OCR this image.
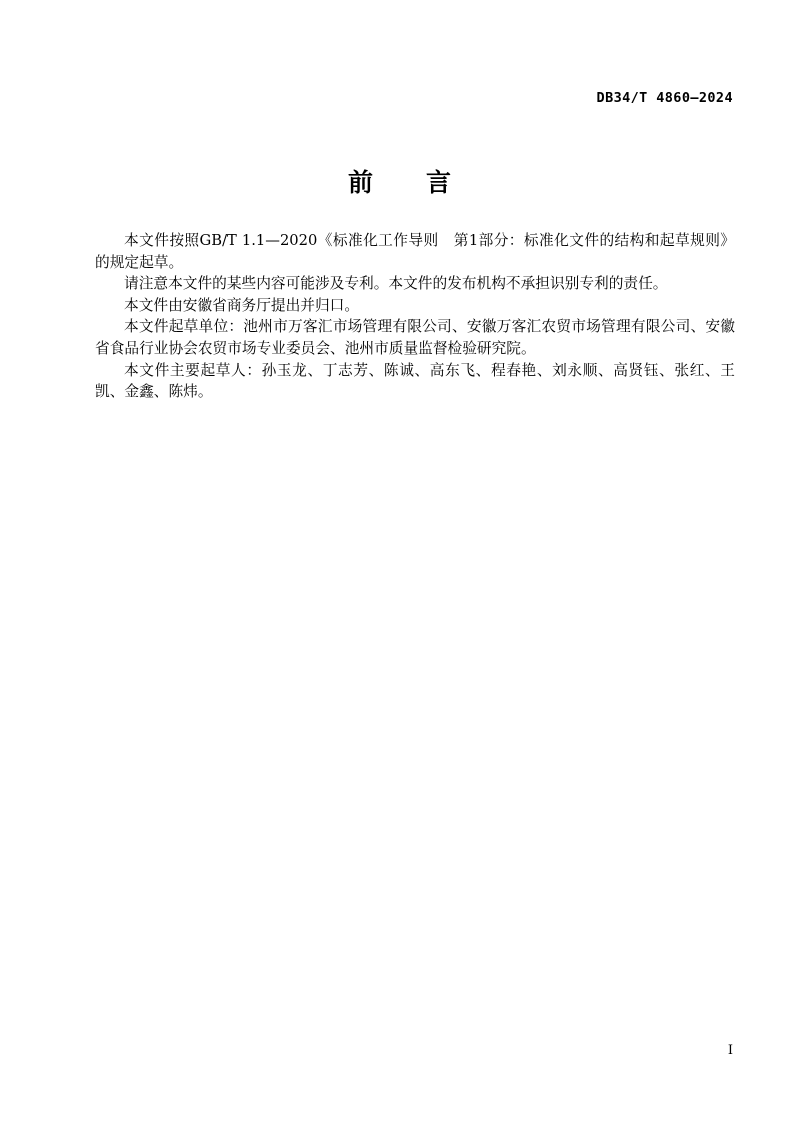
DB34/T 4860—2024
前　　言

本文件按照GB/T 1.1—2020《标准化工作导则　第1部分：标准化文件的结构和起草规则》的规定起草。

请注意本文件的某些内容可能涉及专利。本文件的发布机构不承担识别专利的责任。

本文件由安徽省商务厅提出并归口。

本文件起草单位：池州市万客汇市场管理有限公司、安徽万客汇农贸市场管理有限公司、安徽省食品行业协会农贸市场专业委员会、池州市质量监督检验研究院。

本文件主要起草人：孙玉龙、丁志芳、陈诚、高东飞、程春艳、刘永顺、高贤钰、张红、王凯、金鑫、陈炜。

I
